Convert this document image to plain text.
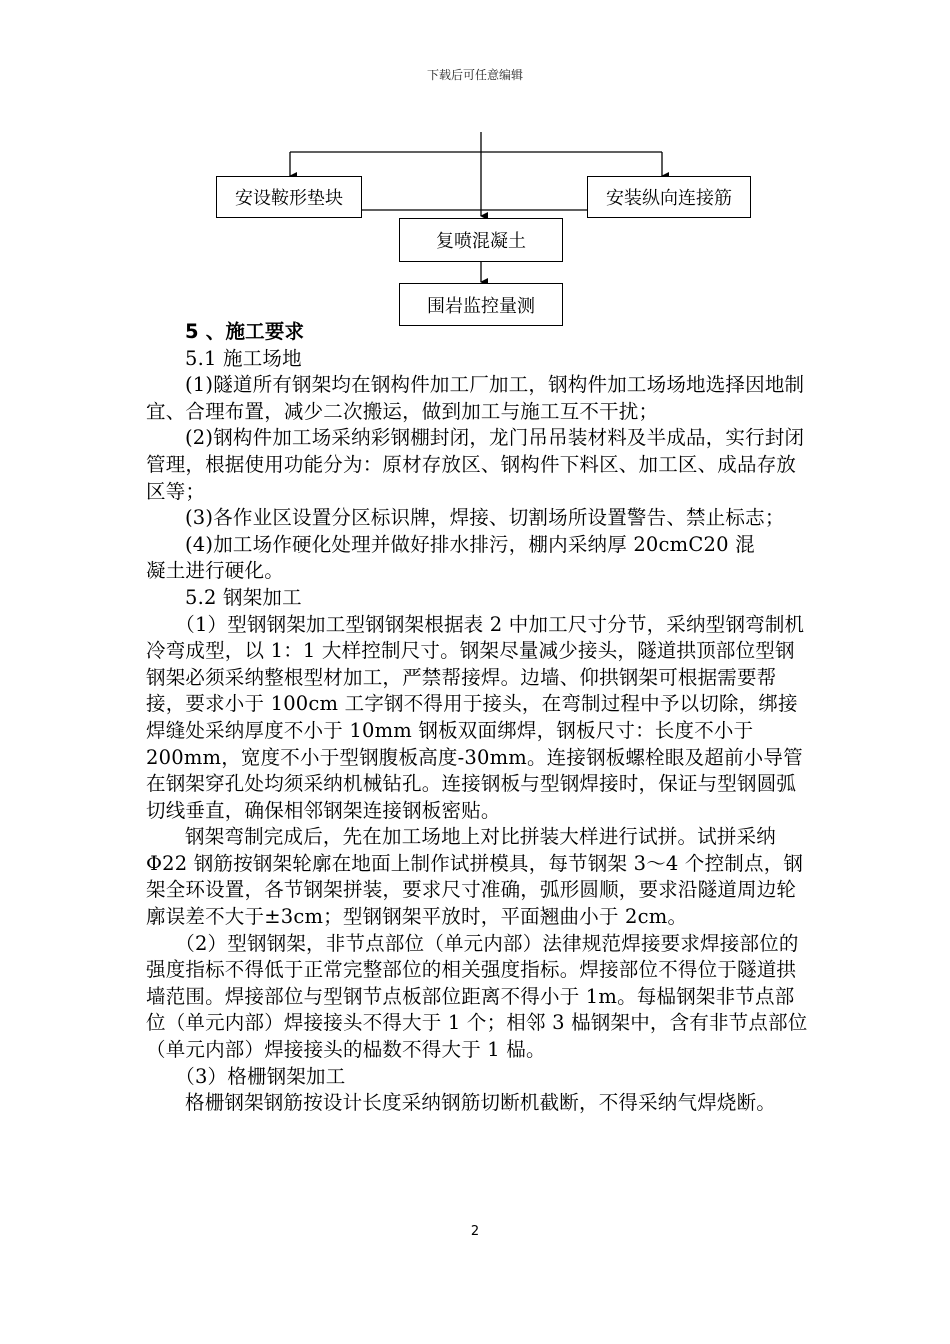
下载后可任意编辑
安设鞍形垫块	安装纵向连接筋
复喷混凝土
围岩监控量测

5 、施工要求

5.1 施工场地

(1)隧道所有钢架均在钢构件加工厂加工，钢构件加工场场地选择因地制宜、合理布置，减少二次搬运，做到加工与施工互不干扰；

(2)钢构件加工场采纳彩钢棚封闭，龙门吊吊装材料及半成品，实行封闭管理，根据使用功能分为：原材存放区、钢构件下料区、加工区、成品存放区等；

(3)各作业区设置分区标识牌，焊接、切割场所设置警告、禁止标志；

(4)加工场作硬化处理并做好排水排污，棚内采纳厚 20cmC20 混

凝土进行硬化。

5.2 钢架加工

（1）型钢钢架加工型钢钢架根据表 2 中加工尺寸分节，采纳型钢弯制机冷弯成型，以 1：1 大样控制尺寸。钢架尽量减少接头，隧道拱顶部位型钢钢架必须采纳整根型材加工，严禁帮接焊。边墙、仰拱钢架可根据需要帮接，要求小于 100cm 工字钢不得用于接头，在弯制过程中予以切除，绑接焊缝处采纳厚度不小于 10mm 钢板双面绑焊，钢板尺寸：长度不小于 200mm，宽度不小于型钢腹板高度-30mm。连接钢板螺栓眼及超前小导管在钢架穿孔处均须采纳机械钻孔。连接钢板与型钢焊接时，保证与型钢圆弧切线垂直，确保相邻钢架连接钢板密贴。

钢架弯制完成后，先在加工场地上对比拼装大样进行试拼。试拼采纳 Φ22 钢筋按钢架轮廓在地面上制作试拼模具，每节钢架 3～4 个控制点，钢架全环设置，各节钢架拼装，要求尺寸准确，弧形圆顺，要求沿隧道周边轮廓误差不大于±3cm；型钢钢架平放时，平面翘曲小于 2cm。

（2）型钢钢架，非节点部位（单元内部）法律规范焊接要求焊接部位的强度指标不得低于正常完整部位的相关强度指标。焊接部位不得位于隧道拱墙范围。焊接部位与型钢节点板部位距离不得小于 1m。每榀钢架非节点部位（单元内部）焊接接头不得大于 1 个；相邻 3 榀钢架中，含有非节点部位（单元内部）焊接接头的榀数不得大于 1 榀。

（3）格栅钢架加工

格栅钢架钢筋按设计长度采纳钢筋切断机截断，不得采纳气焊烧断。

2
